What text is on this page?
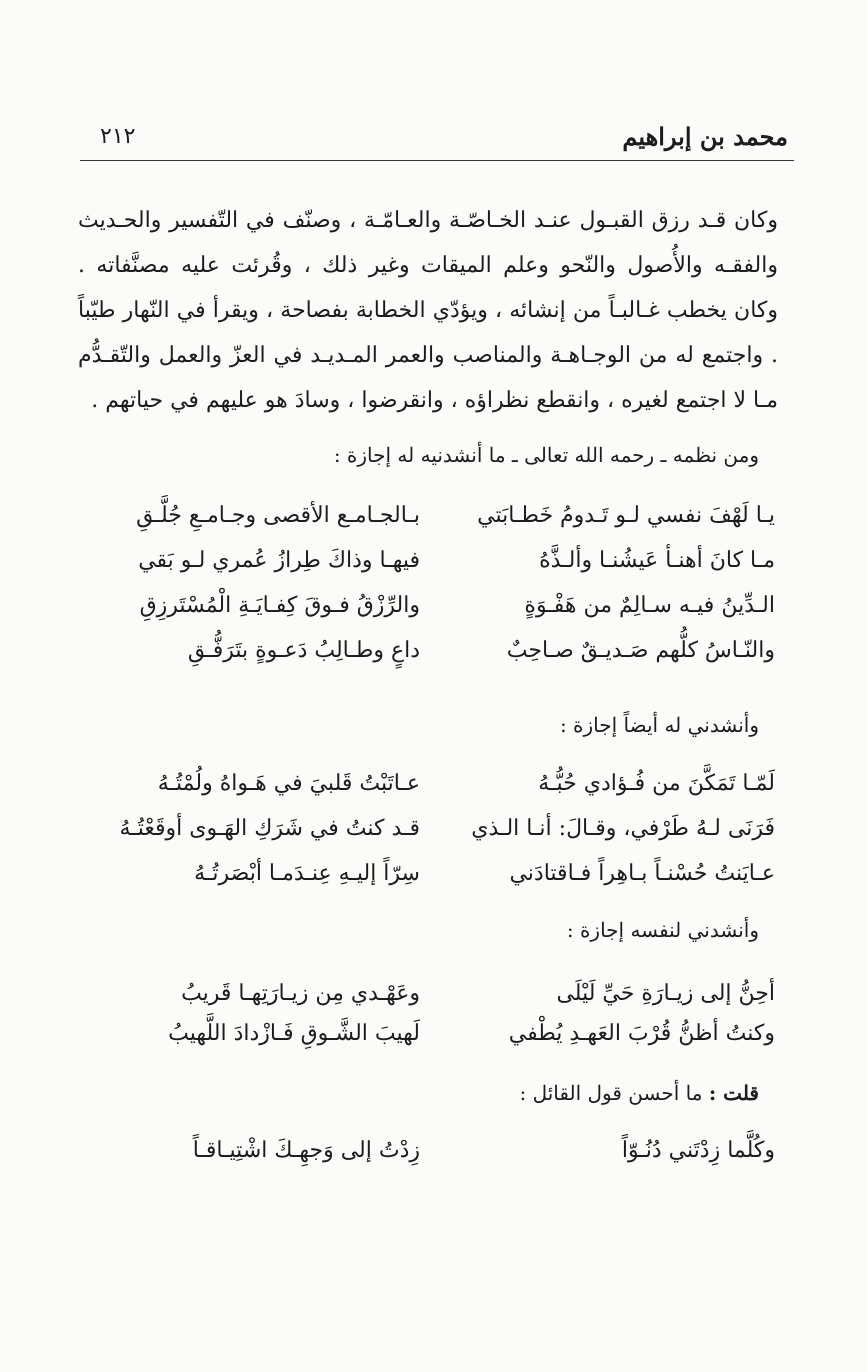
محمد بن إبراهيم
٢١٢

وكان قـد رزق القبـول عنـد الخـاصّـة والعـامّـة ، وصنّف في التّفسير والحـديث والفقـه والأُصول والنّحو وعلم الميقات وغير ذلك ، وقُرئت عليه مصنَّفاته . وكان يخطب غـالبـاً من إنشائه ، ويؤدّي الخطابة بفصاحة ، ويقرأ في النّهار طيّباً . واجتمع له من الوجـاهـة والمناصب والعمر المـديـد في العزّ والعمل والتّقـدُّم مـا لا اجتمع لغيره ، وانقطع نظراؤه ، وانقرضوا ، وسادَ هو عليهم في حياتهم .

ومن نظمه ـ رحمه الله تعالى ـ ما أنشدنيه له إجازة :
يـا لَهْفَ نفسي لـو تَـدومُ خَطـابَتي
بـالجـامـع الأقصى وجـامـعِ جُلَّـقِ
مـا كانَ أهنـأ عَيشُنـا وألـذَّهُ
فيهـا وذاكَ طِرازُ عُمري لـو بَقي
الـدِّينُ فيـه سـالِمٌ من هَفْـوَةٍ
والرِّزْقُ فـوقَ كِفـايَـةِ الْمُسْتَرزِقِ
والنّـاسُ كلُّهم صَـديـقٌ صـاحِبٌ
داعٍ وطـالِبُ دَعـوةٍ بتَرَفُّـقِ
وأنشدني له أيضاً إجازة :
لَمّـا تَمَكَّنَ من فُـؤادي حُبُّـهُ
عـاتَبْتُ قَلبيَ في هَـواهُ ولُمْتُـهُ
فَرَنَى لـهُ طَرْفي، وقـالَ: أنـا الـذي
قـد كنتُ في شَرَكِ الهَـوى أوقَعْتُـهُ
عـايَنتُ حُسْنـاً بـاهِراً فـاقتادَني
سِرّاً إليـهِ عِنـدَمـا أبْصَرتُـهُ
وأنشدني لنفسه إجازة :
أحِنُّ إلى زيـارَةِ حَيِّ لَيْلَى
وعَهْـدي مِن زيـارَتِهـا قَريبُ
وكنتُ أظنُّ قُرْبَ العَهـدِ يُطْفي
لَهيبَ الشَّـوقِ فَـازْدادَ اللَّهيبُ
قلت : ما أحسن قول القائل :
وكُلَّما زِدْتَني دُنُـوّاً
زِدْتُ إلى وَجهِـكَ اشْتِيـاقـاً
